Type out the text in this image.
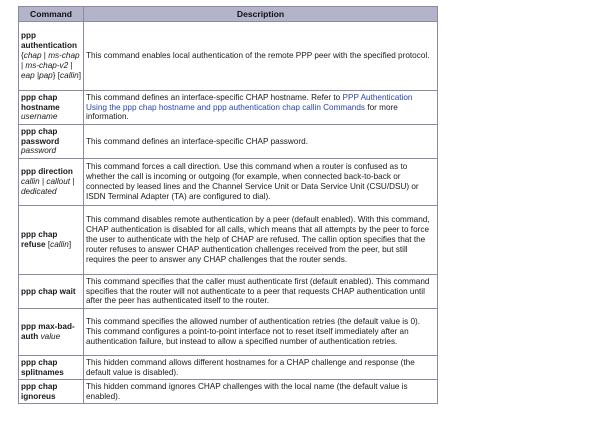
Command	Description
ppp authentication {chap | ms-chap | ms-chap-v2 | eap |pap} [callin]	This command enables local authentication of the remote PPP peer with the specified protocol.
ppp chap hostname username	This command defines an interface-specific CHAP hostname. Refer to PPP Authentication Using the ppp chap hostname and ppp authentication chap callin Commands for more information.
ppp chap password password	This command defines an interface-specific CHAP password.
ppp direction callin | callout | dedicated	This command forces a call direction. Use this command when a router is confused as to whether the call is incoming or outgoing (for example, when connected back-to-back or connected by leased lines and the Channel Service Unit or Data Service Unit (CSU/DSU) or ISDN Terminal Adapter (TA) are configured to dial).
ppp chap refuse [callin]	This command disables remote authentication by a peer (default enabled). With this command, CHAP authentication is disabled for all calls, which means that all attempts by the peer to force the user to authenticate with the help of CHAP are refused. The callin option specifies that the router refuses to answer CHAP authentication challenges received from the peer, but still requires the peer to answer any CHAP challenges that the router sends.
ppp chap wait	This command specifies that the caller must authenticate first (default enabled). This command specifies that the router will not authenticate to a peer that requests CHAP authentication until after the peer has authenticated itself to the router.
ppp max-bad-auth value	This command specifies the allowed number of authentication retries (the default value is 0). This command configures a point-to-point interface not to reset itself immediately after an authentication failure, but instead to allow a specified number of authentication retries.
ppp chap splitnames	This hidden command allows different hostnames for a CHAP challenge and response (the default value is disabled).
ppp chap ignoreus	This hidden command ignores CHAP challenges with the local name (the default value is enabled).
